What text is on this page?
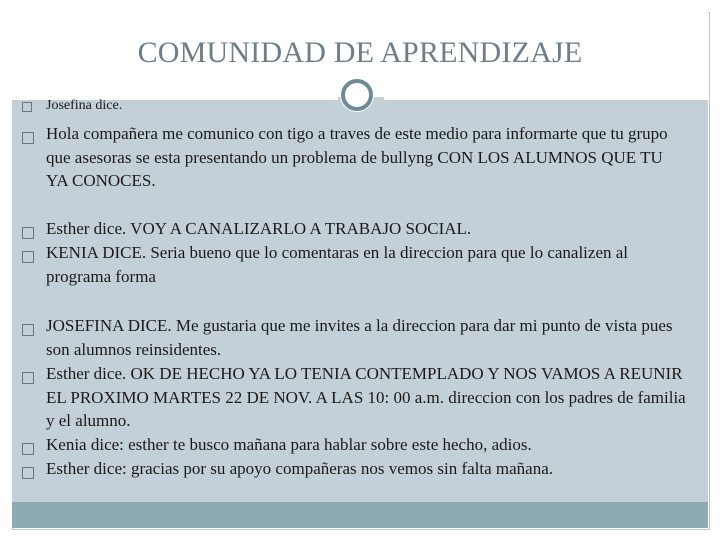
COMUNIDAD DE APRENDIZAJE
Josefina dice.
Hola compañera me comunico con tigo a traves de este medio para informarte que tu grupo que asesoras se esta presentando un problema de bullyng CON LOS ALUMNOS QUE TU YA CONOCES.
Esther dice. VOY A CANALIZARLO A TRABAJO SOCIAL.
KENIA DICE. Seria bueno que lo comentaras en la direccion para que lo canalizen al programa forma
JOSEFINA DICE. Me gustaria que me invites a la direccion para dar mi punto de vista pues son alumnos reinsidentes.
Esther dice. OK DE HECHO YA LO TENIA CONTEMPLADO Y NOS VAMOS A REUNIR EL PROXIMO MARTES 22 DE NOV. A LAS 10: 00 a.m. direccion con los padres de familia y el alumno.
Kenia dice: esther te busco mañana para hablar sobre este hecho, adios.
Esther dice: gracias por su apoyo compañeras nos vemos sin falta mañana.
